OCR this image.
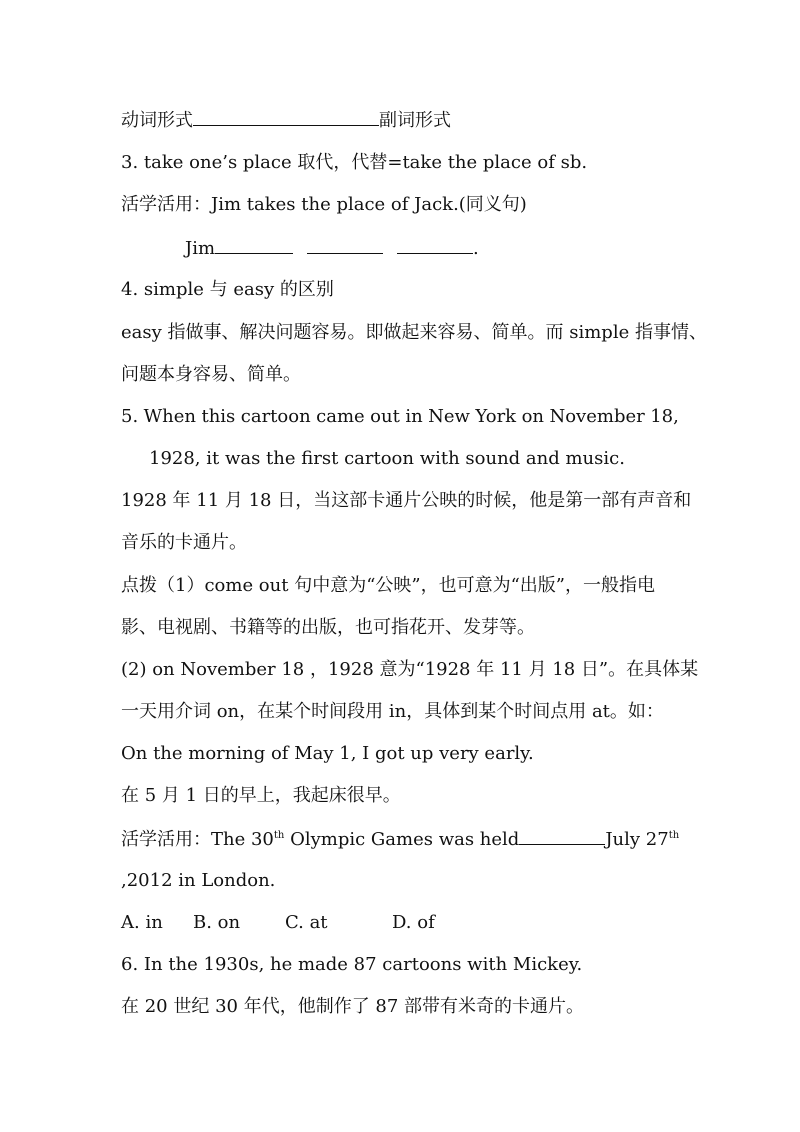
动词形式	副词形式
3. take one’s place 取代，代替=take the place of sb.
活学活用：Jim takes the place of Jack.(同义句)
Jim	.
4. simple 与 easy 的区别
easy 指做事、解决问题容易。即做起来容易、简单。而 simple 指事情、
问题本身容易、简单。
5. When this cartoon came out in New York on November 18,
1928, it was the first cartoon with sound and music.
1928 年 11 月 18 日，当这部卡通片公映的时候，他是第一部有声音和
音乐的卡通片。
点拨（1）come out 句中意为“公映”，也可意为“出版”，一般指电
影、电视剧、书籍等的出版，也可指花开、发芽等。
(2) on November 18 ，1928 意为“1928 年 11 月 18 日”。在具体某
一天用介词 on，在某个时间段用 in，具体到某个时间点用 at。如：
On the morning of May 1, I got up very early.
在 5 月 1 日的早上，我起床很早。
活学活用：The 30th Olympic Games was held	July 27th
,2012 in London.
A. in B. on C. at	D. of
6. In the 1930s, he made 87 cartoons with Mickey.
在 20 世纪 30 年代，他制作了 87 部带有米奇的卡通片。
